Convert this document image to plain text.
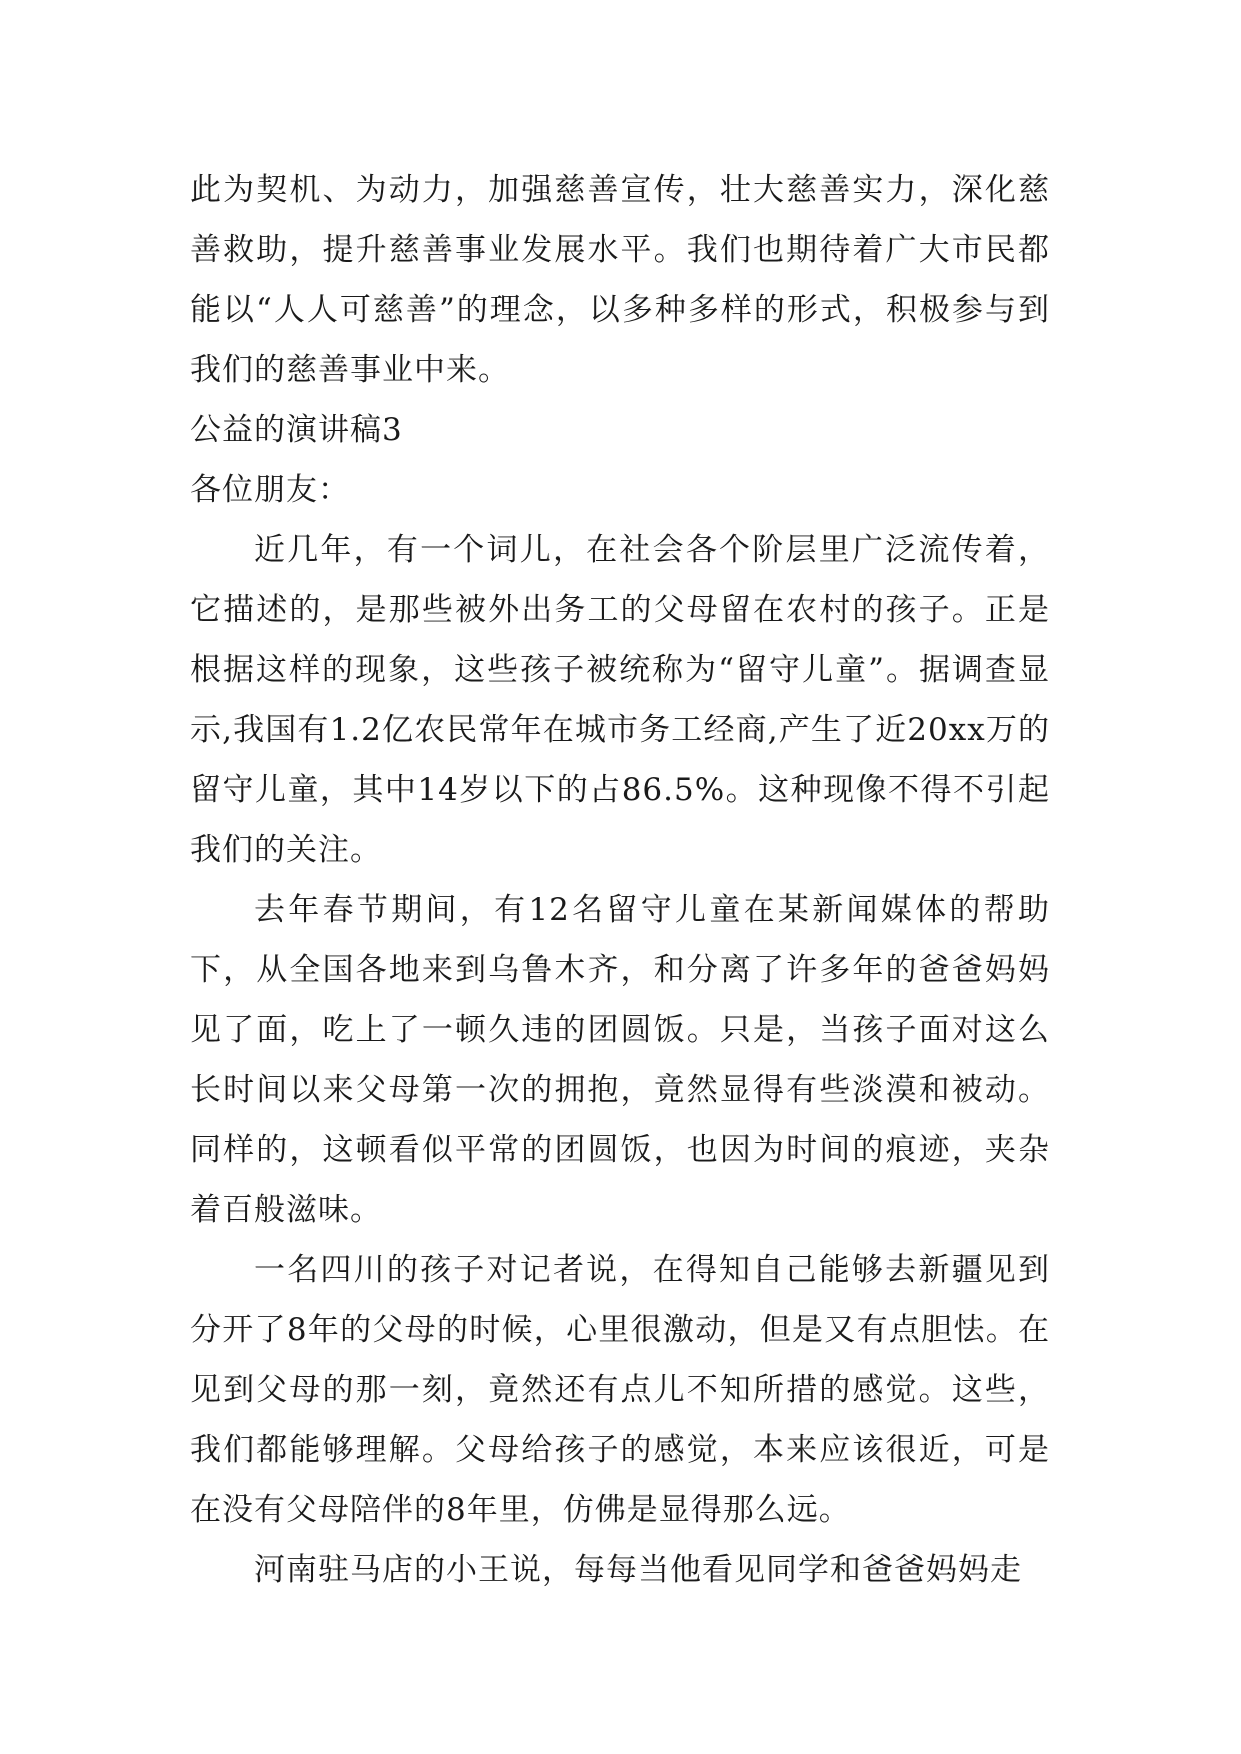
此为契机、为动力，加强慈善宣传，壮大慈善实力，深化慈善救助，提升慈善事业发展水平。我们也期待着广大市民都能以“人人可慈善”的理念，以多种多样的形式，积极参与到我们的慈善事业中来。

公益的演讲稿3

各位朋友：

近几年，有一个词儿，在社会各个阶层里广泛流传着，它描述的，是那些被外出务工的父母留在农村的孩子。正是根据这样的现象，这些孩子被统称为“留守儿童”。据调查显示,我国有1.2亿农民常年在城市务工经商,产生了近20xx万的留守儿童，其中14岁以下的占86.5%。这种现像不得不引起我们的关注。

去年春节期间，有12名留守儿童在某新闻媒体的帮助下，从全国各地来到乌鲁木齐，和分离了许多年的爸爸妈妈见了面，吃上了一顿久违的团圆饭。只是，当孩子面对这么长时间以来父母第一次的拥抱，竟然显得有些淡漠和被动。同样的，这顿看似平常的团圆饭，也因为时间的痕迹，夹杂着百般滋味。

一名四川的孩子对记者说，在得知自己能够去新疆见到分开了8年的父母的时候，心里很激动，但是又有点胆怯。在见到父母的那一刻，竟然还有点儿不知所措的感觉。这些，我们都能够理解。父母给孩子的感觉，本来应该很近，可是在没有父母陪伴的8年里，仿佛是显得那么远。

河南驻马店的小王说，每每当他看见同学和爸爸妈妈走
